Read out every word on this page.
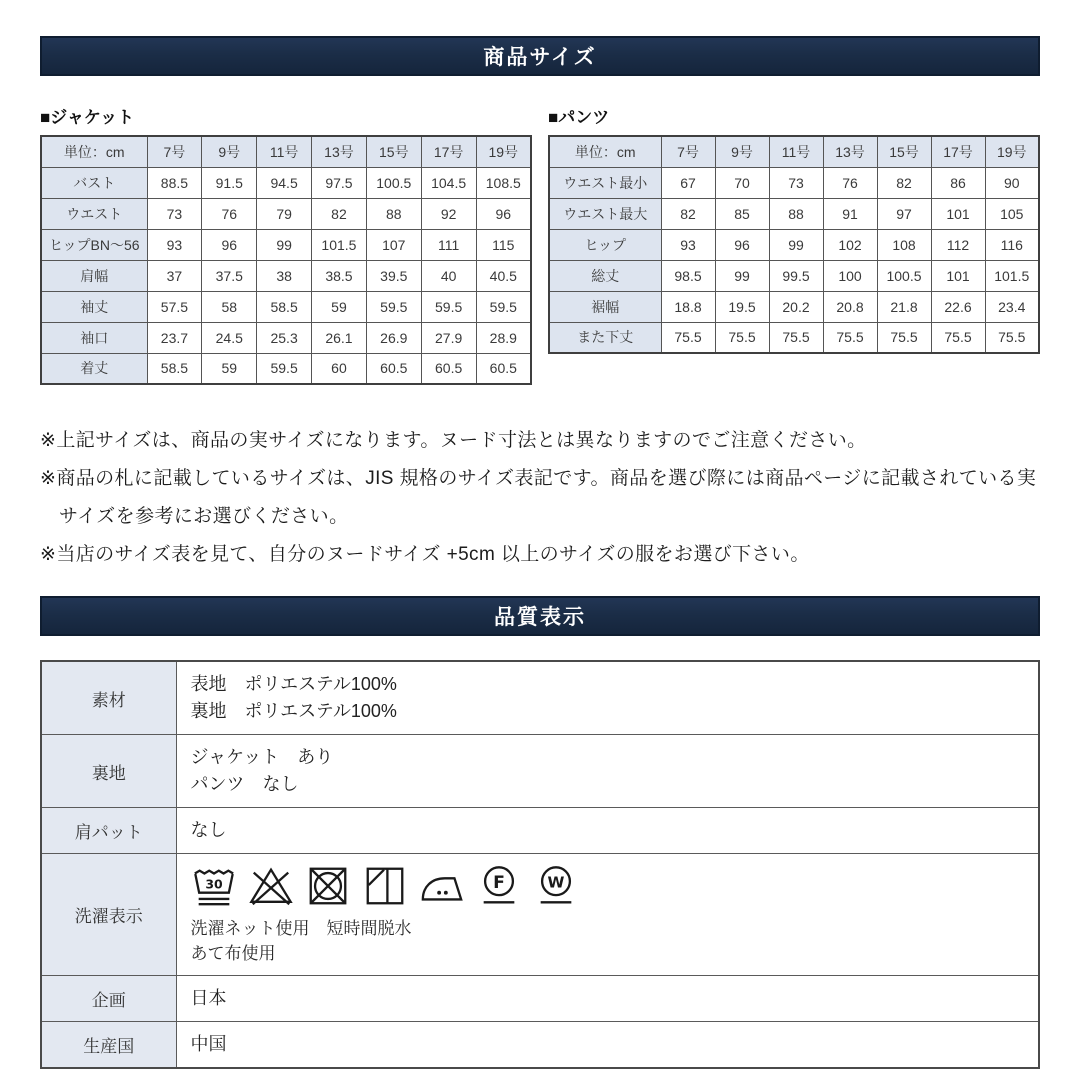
商品サイズ
■ジャケット
単位：cm	7号	9号	11号	13号	15号	17号	19号
バスト	88.5	91.5	94.5	97.5	100.5	104.5	108.5
ウエスト	73	76	79	82	88	92	96
ヒップBN〜56	93	96	99	101.5	107	111	115
肩幅	37	37.5	38	38.5	39.5	40	40.5
袖丈	57.5	58	58.5	59	59.5	59.5	59.5
袖口	23.7	24.5	25.3	26.1	26.9	27.9	28.9
着丈	58.5	59	59.5	60	60.5	60.5	60.5
■パンツ
単位：cm	7号	9号	11号	13号	15号	17号	19号
ウエスト最小	67	70	73	76	82	86	90
ウエスト最大	82	85	88	91	97	101	105
ヒップ	93	96	99	102	108	112	116
総丈	98.5	99	99.5	100	100.5	101	101.5
裾幅	18.8	19.5	20.2	20.8	21.8	22.6	23.4
また下丈	75.5	75.5	75.5	75.5	75.5	75.5	75.5

※上記サイズは、商品の実サイズになります。ヌード寸法とは異なりますのでご注意ください。

※商品の札に記載しているサイズは、JIS 規格のサイズ表記です。商品を選び際には商品ページに記載されている実サイズを参考にお選びください。

※当店のサイズ表を見て、自分のヌードサイズ +5cm 以上のサイズの服をお選び下さい。

品質表示
素材	表地　ポリエステル100%
裏地　ポリエステル100%

裏地	ジャケット　あり
パンツ　なし

肩パット	なし
洗濯表示	30 F W
洗濯ネット使用　短時間脱水
あて布使用

企画	日本
生産国	中国
